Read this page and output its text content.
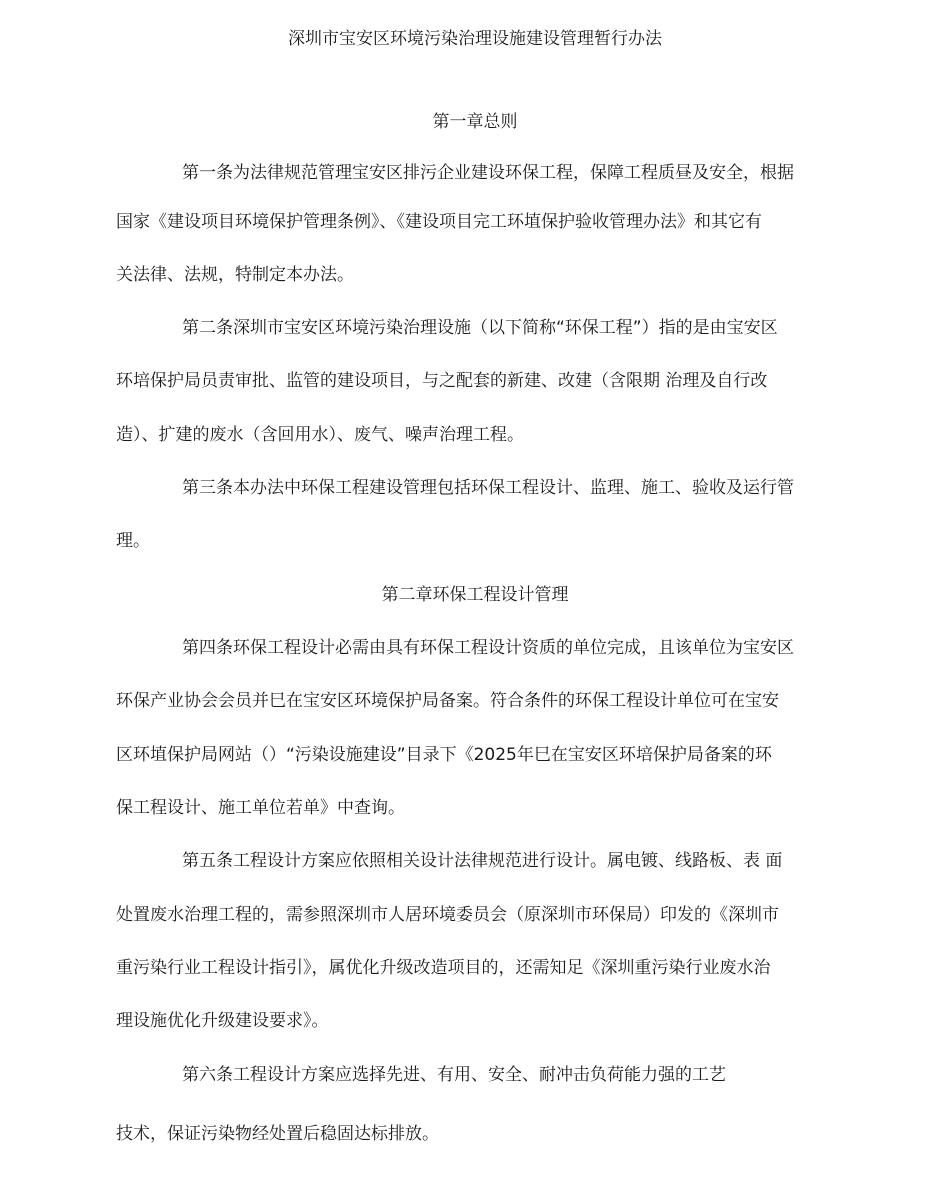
深圳市宝安区环境污染治理设施建设管理暂行办法
第一章总则
第一条为法律规范管理宝安区排污企业建设环保工程，保障工程质昼及安全，根据
国家《建设项目环境保护管理条例》、《建设项目完工环埴保护验收管理办法》和其它有
关法律、法规，特制定本办法。
第二条深圳市宝安区环境污染治理设施（以下简称“环保工程”）指的是由宝安区
环培保护局员责审批、监管的建设项目，与之配套的新建、改建（含限期 治理及自行改
造）、扩建的废水（含回用水）、废气、噪声治理工程。
第三条本办法中环保工程建设管理包括环保工程设计、监理、施工、验收及运行管
理。
第二章环保工程设计管理
第四条环保工程设计必需由具有环保工程设计资质的单位完成，且该单位为宝安区
环保产业协会会员并巳在宝安区环境保护局备案。符合条件的环保工程设计单位可在宝安
区环埴保护局网站（）“污染设施建设”目录下《2025年巳在宝安区环培保护局备案的环
保工程设计、施工单位若单》中查询。
第五条工程设计方案应依照相关设计法律规范进行设计。属电镀、线路板、表 面
处置废水治理工程的，需参照深圳市人居环境委员会（原深圳市环保局）印发的《深圳市
重污染行业工程设计指引》，属优化升级改造项目的，还需知足《深圳重污染行业废水治
理设施优化升级建设要求》。
第六条工程设计方案应选择先进、有用、安全、耐冲击负荷能力强的工艺
技术，保证污染物经处置后稳固达标排放。
